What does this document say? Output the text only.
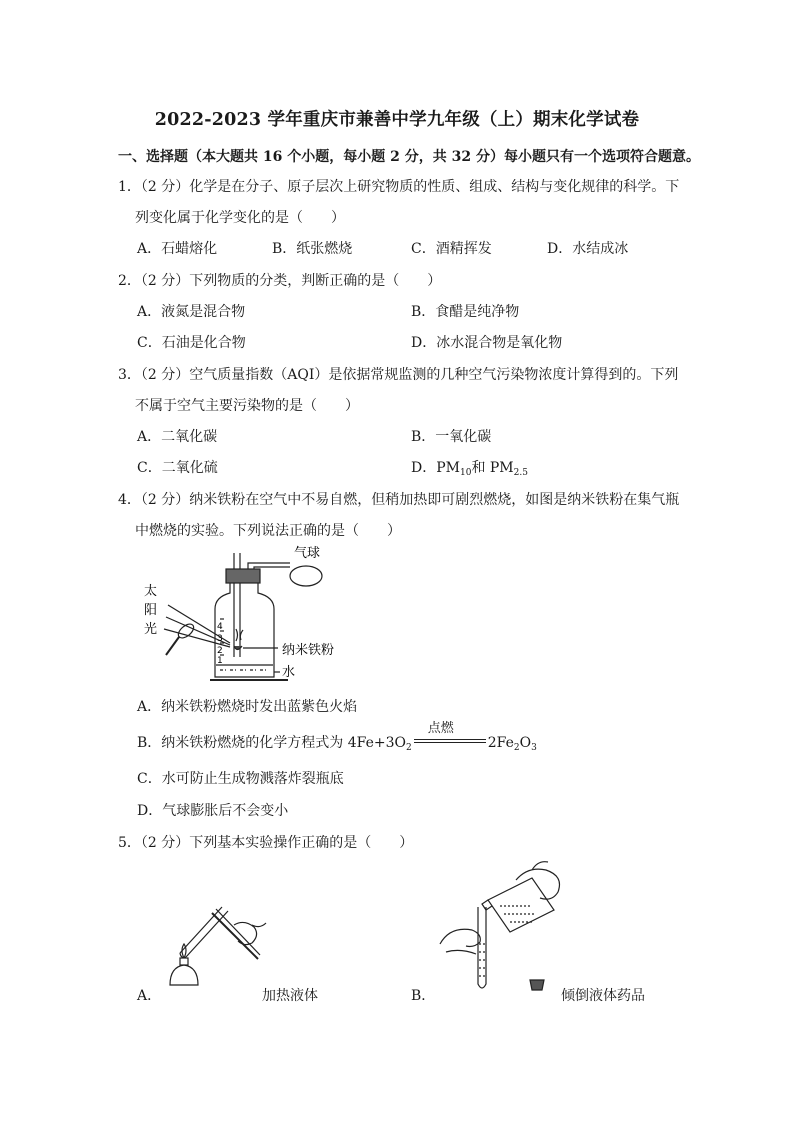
2022-2023 学年重庆市兼善中学九年级（上）期末化学试卷
一、选择题（本大题共 16 个小题，每小题 2 分，共 32 分）每小题只有一个选项符合题意。
1．（2 分）化学是在分子、原子层次上研究物质的性质、组成、结构与变化规律的科学。下
列变化属于化学变化的是（　　）
A．石蜡熔化	B．纸张燃烧	C．酒精挥发	D．水结成冰
2．（2 分）下列物质的分类，判断正确的是（　　）
A．液氮是混合物	B．食醋是纯净物
C．石油是化合物	D．冰水混合物是氧化物
3．（2 分）空气质量指数（AQI）是依据常规监测的几种空气污染物浓度计算得到的。下列
不属于空气主要污染物的是（　　）
A．二氧化碳	B．一氧化碳
C．二氧化硫	D．$PM_{10}$和 $PM_{2.5}$
4．（2 分）纳米铁粉在空气中不易自燃，但稍加热即可剧烈燃烧，如图是纳米铁粉在集气瓶
中燃烧的实验。下列说法正确的是（　　）
气球
太
阳
光
纳米铁粉
水
4
3
2
1
A．纳米铁粉燃烧时发出蓝紫色火焰
B．纳米铁粉燃烧的化学方程式为 $4Fe+3O_2$
点燃
$2Fe_2O_3$
C．水可防止生成物溅落炸裂瓶底
D．气球膨胀后不会变小
5．（2 分）下列基本实验操作正确的是（　　）
A．	加热液体	B．	倾倒液体药品
